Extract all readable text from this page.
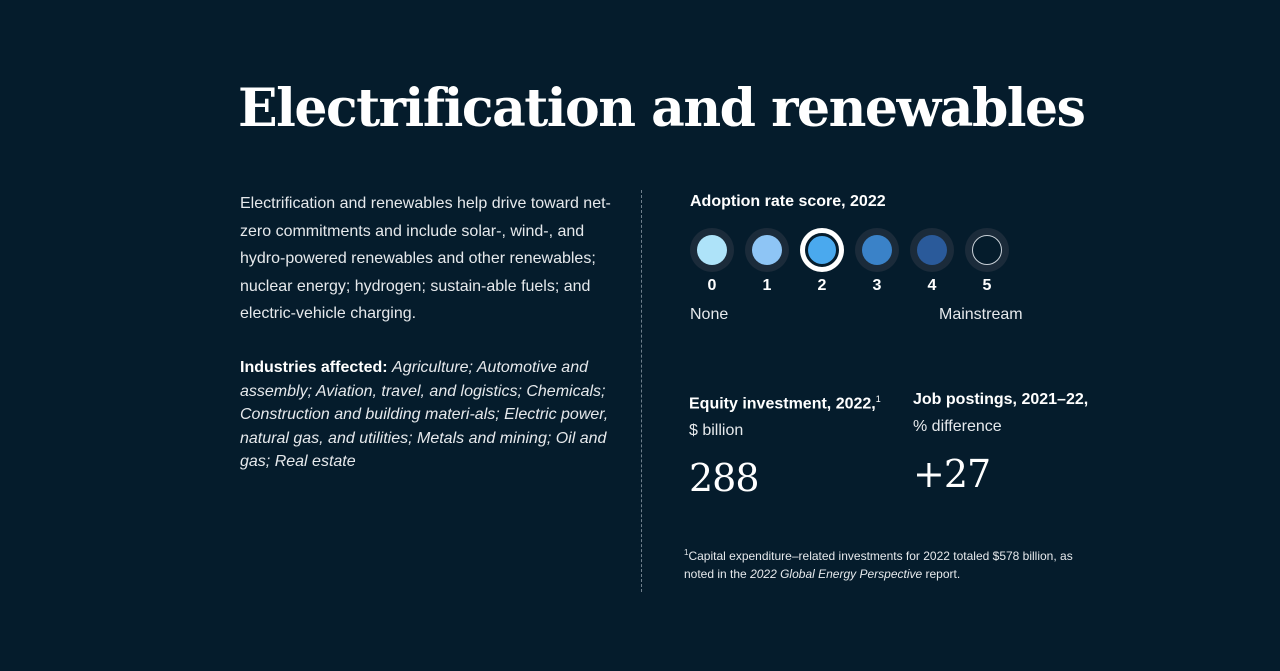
Electrification and renewables
Electrification and renewables help drive toward net-zero commitments and include solar-, wind-, and hydro-powered renewables and other renewables; nuclear energy; hydrogen; sustain-able fuels; and electric-vehicle charging.
Industries affected: Agriculture; Automotive and assembly; Aviation, travel, and logistics; Chemicals; Construction and building materi-als; Electric power, natural gas, and utilities; Metals and mining; Oil and gas; Real estate
Adoption rate score, 2022
0	1	2	3	4	5
None	Mainstream
Equity investment, 2022,$^1$
$ billion
288
Job postings, 2021–22,
% difference
+27
$^1$Capital expenditure–related investments for 2022 totaled $578 billion, as noted in the 2022 Global Energy Perspective report.
